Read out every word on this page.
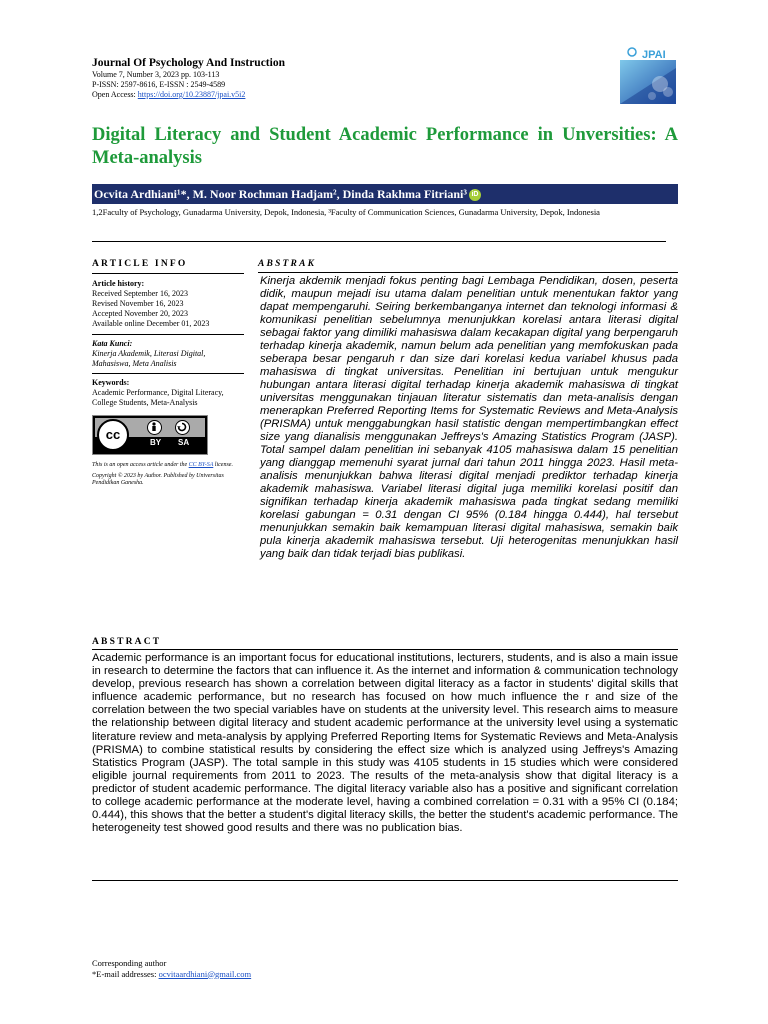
Journal Of Psychology And Instruction
Volume 7, Number 3, 2023 pp. 103-113
P-ISSN: 2597-8616, E-ISSN : 2549-4589
Open Access: https://doi.org/10.23887/jpai.v5i2
JPAI
Digital Literacy and Student Academic Performance in Unversities: A Meta-analysis
Ocvita Ardhiani¹*, M. Noor Rochman Hadjam², Dinda Rakhma Fitriani³ iD
1,2Faculty of Psychology, Gunadarma University, Depok, Indonesia, ³Faculty of Communication Sciences, Gunadarma University, Depok, Indonesia
ARTICLE INFO
Article history:
Received September 16, 2023
Revised November 16, 2023
Accepted November 20, 2023
Available online December 01, 2023
Kata Kunci:
Kinerja Akademik, Literasi Digital, Mahasiswa, Meta Analisis
Keywords:
Academic Performance, Digital Literacy, College Students, Meta-Analysis
cc
BY SA
This is an open access article under the CC BY-SA license.
Copyright © 2023 by Author. Published by Universitas Pendidikan Ganesha.
ABSTRAK

Kinerja akdemik menjadi fokus penting bagi Lembaga Pendidikan, dosen, peserta didik, maupun mejadi isu utama dalam penelitian untuk menentukan faktor yang dapat mempengaruhi. Seiring berkembanganya internet dan teknologi informasi & komunikasi penelitian sebelumnya menunjukkan korelasi antara literasi digital sebagai faktor yang dimiliki mahasiswa dalam kecakapan digital yang berpengaruh terhadap kinerja akademik, namun belum ada penelitian yang memfokuskan pada seberapa besar pengaruh r dan size dari korelasi kedua variabel khusus pada mahasiswa di tingkat universitas. Penelitian ini bertujuan untuk mengukur hubungan antara literasi digital terhadap kinerja akademik mahasiswa di tingkat universitas menggunakan tinjauan literatur sistematis dan meta-analisis dengan menerapkan Preferred Reporting Items for Systematic Reviews and Meta-Analysis (PRISMA) untuk menggabungkan hasil statistic dengan mempertimbangkan effect size yang dianalisis menggunakan Jeffreys's Amazing Statistics Program (JASP). Total sampel dalam penelitian ini sebanyak 4105 mahasiswa dalam 15 penelitian yang dianggap memenuhi syarat jurnal dari tahun 2011 hingga 2023. Hasil meta-analisis menunjukkan bahwa literasi digital menjadi prediktor terhadap kinerja akademik mahasiswa. Variabel literasi digital juga memiliki korelasi positif dan signifikan terhadap kinerja akademik mahasiswa pada tingkat sedang memiliki korelasi gabungan = 0.31 dengan CI 95% (0.184 hingga 0.444), hal tersebut menunjukkan semakin baik kemampuan literasi digital mahasiswa, semakin baik pula kinerja akademik mahasiswa tersebut. Uji heterogenitas menunjukkan hasil yang baik dan tidak terjadi bias publikasi.

ABSTRACT

Academic performance is an important focus for educational institutions, lecturers, students, and is also a main issue in research to determine the factors that can influence it. As the internet and information & communication technology develop, previous research has shown a correlation between digital literacy as a factor in students' digital skills that influence academic performance, but no research has focused on how much influence the r and size of the correlation between the two special variables have on students at the university level. This research aims to measure the relationship between digital literacy and student academic performance at the university level using a systematic literature review and meta-analysis by applying Preferred Reporting Items for Systematic Reviews and Meta-Analysis (PRISMA) to combine statistical results by considering the effect size which is analyzed using Jeffreys's Amazing Statistics Program (JASP). The total sample in this study was 4105 students in 15 studies which were considered eligible journal requirements from 2011 to 2023. The results of the meta-analysis show that digital literacy is a predictor of student academic performance. The digital literacy variable also has a positive and significant correlation to college academic performance at the moderate level, having a combined correlation = 0.31 with a 95% CI (0.184; 0.444), this shows that the better a student's digital literacy skills, the better the student's academic performance. The heterogeneity test showed good results and there was no publication bias.

Corresponding author
*E-mail addresses: ocvitaardhiani@gmail.com
